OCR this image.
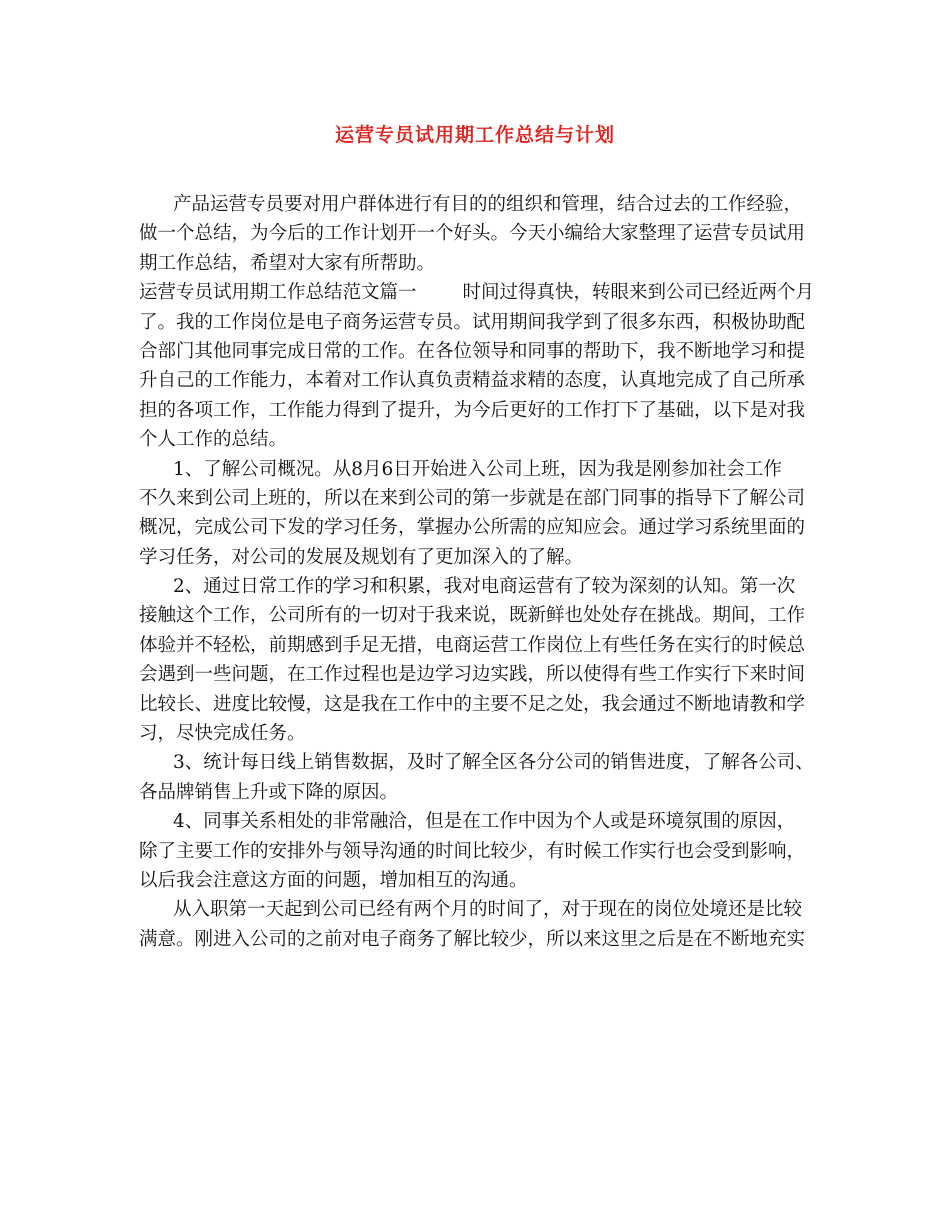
运营专员试用期工作总结与计划
产品运营专员要对用户群体进行有目的的组织和管理，结合过去的工作经验，
做一个总结，为今后的工作计划开一个好头。今天小编给大家整理了运营专员试用
期工作总结，希望对大家有所帮助。
运营专员试用期工作总结范文篇一 时间过得真快，转眼来到公司已经近两个月
了。我的工作岗位是电子商务运营专员。试用期间我学到了很多东西，积极协助配
合部门其他同事完成日常的工作。在各位领导和同事的帮助下，我不断地学习和提
升自己的工作能力，本着对工作认真负责精益求精的态度，认真地完成了自己所承
担的各项工作，工作能力得到了提升，为今后更好的工作打下了基础，以下是对我
个人工作的总结。
1、了解公司概况。从8月6日开始进入公司上班，因为我是刚参加社会工作
不久来到公司上班的，所以在来到公司的第一步就是在部门同事的指导下了解公司
概况，完成公司下发的学习任务，掌握办公所需的应知应会。通过学习系统里面的
学习任务，对公司的发展及规划有了更加深入的了解。
2、通过日常工作的学习和积累，我对电商运营有了较为深刻的认知。第一次
接触这个工作，公司所有的一切对于我来说，既新鲜也处处存在挑战。期间，工作
体验并不轻松，前期感到手足无措，电商运营工作岗位上有些任务在实行的时候总
会遇到一些问题，在工作过程也是边学习边实践，所以使得有些工作实行下来时间
比较长、进度比较慢，这是我在工作中的主要不足之处，我会通过不断地请教和学
习，尽快完成任务。
3、统计每日线上销售数据，及时了解全区各分公司的销售进度，了解各公司、
各品牌销售上升或下降的原因。
4、同事关系相处的非常融洽，但是在工作中因为个人或是环境氛围的原因，
除了主要工作的安排外与领导沟通的时间比较少，有时候工作实行也会受到影响，
以后我会注意这方面的问题，增加相互的沟通。
从入职第一天起到公司已经有两个月的时间了，对于现在的岗位处境还是比较
满意。刚进入公司的之前对电子商务了解比较少，所以来这里之后是在不断地充实
